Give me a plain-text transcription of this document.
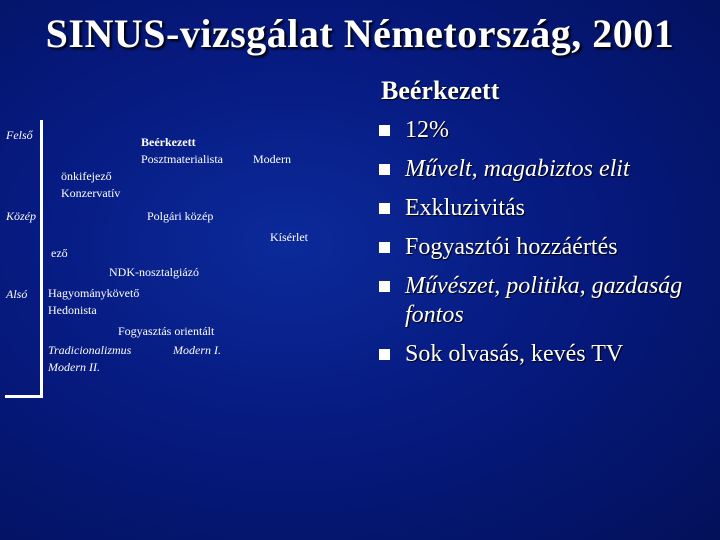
SINUS-vizsgálat Németország, 2001
Felső
Közép
Alsó
Beérkezett
Posztmaterialista	Modern
önkifejező
Konzervatív
Polgári közép
Kísérlet
ező
NDK-nosztalgiázó
Hagyománykövető
Hedonista
Fogyasztás orientált
Tradicionalizmus	Modern I.
Modern II.
Beérkezett
12%
Művelt, magabiztos elit
Exkluzivitás
Fogyasztói hozzáértés
Művészet, politika, gazdaság fontos
Sok olvasás, kevés TV
